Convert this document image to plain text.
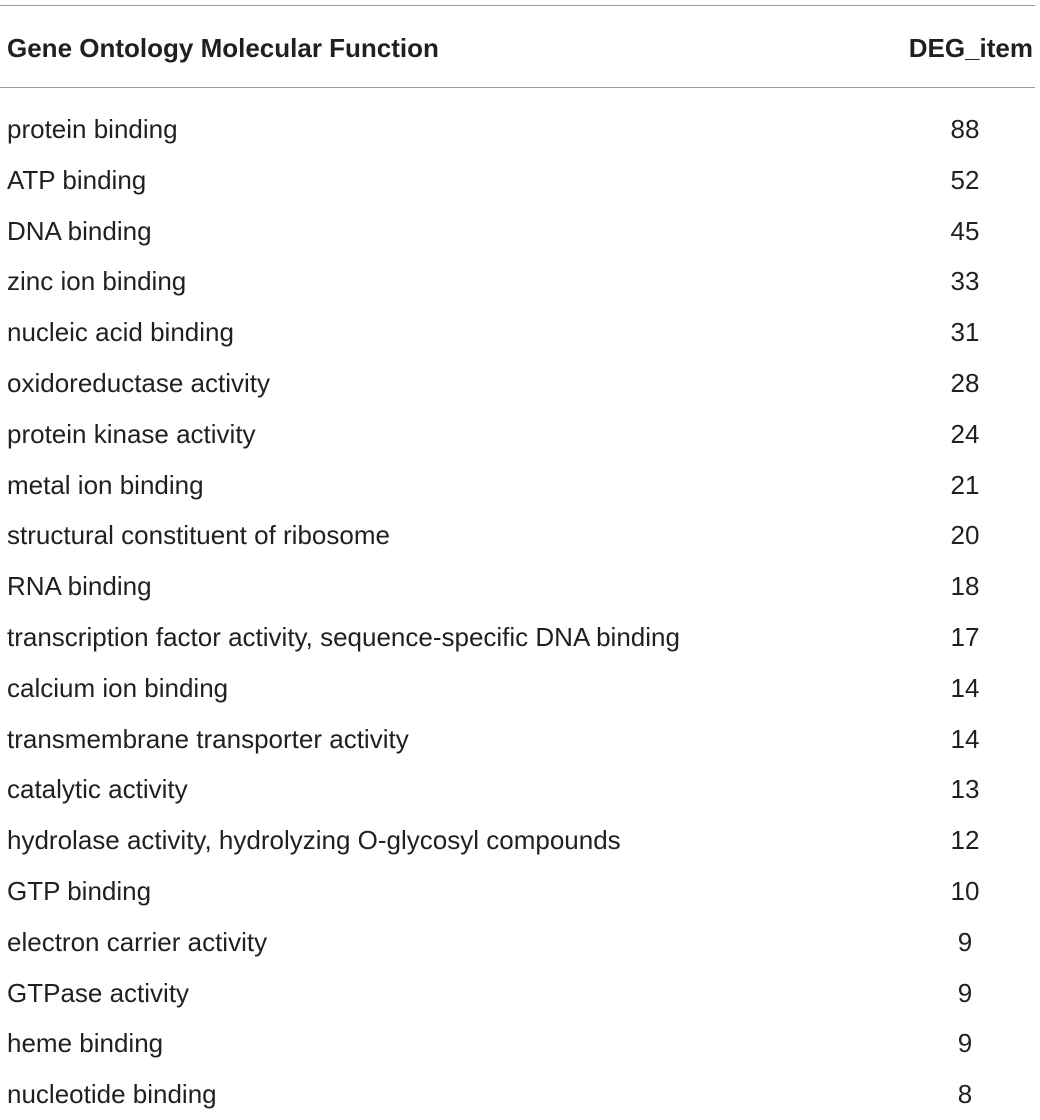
Gene Ontology Molecular Function	DEG_item
protein binding	88
ATP binding	52
DNA binding	45
zinc ion binding	33
nucleic acid binding	31
oxidoreductase activity	28
protein kinase activity	24
metal ion binding	21
structural constituent of ribosome	20
RNA binding	18
transcription factor activity, sequence-specific DNA binding	17
calcium ion binding	14
transmembrane transporter activity	14
catalytic activity	13
hydrolase activity, hydrolyzing O-glycosyl compounds	12
GTP binding	10
electron carrier activity	9
GTPase activity	9
heme binding	9
nucleotide binding	8
